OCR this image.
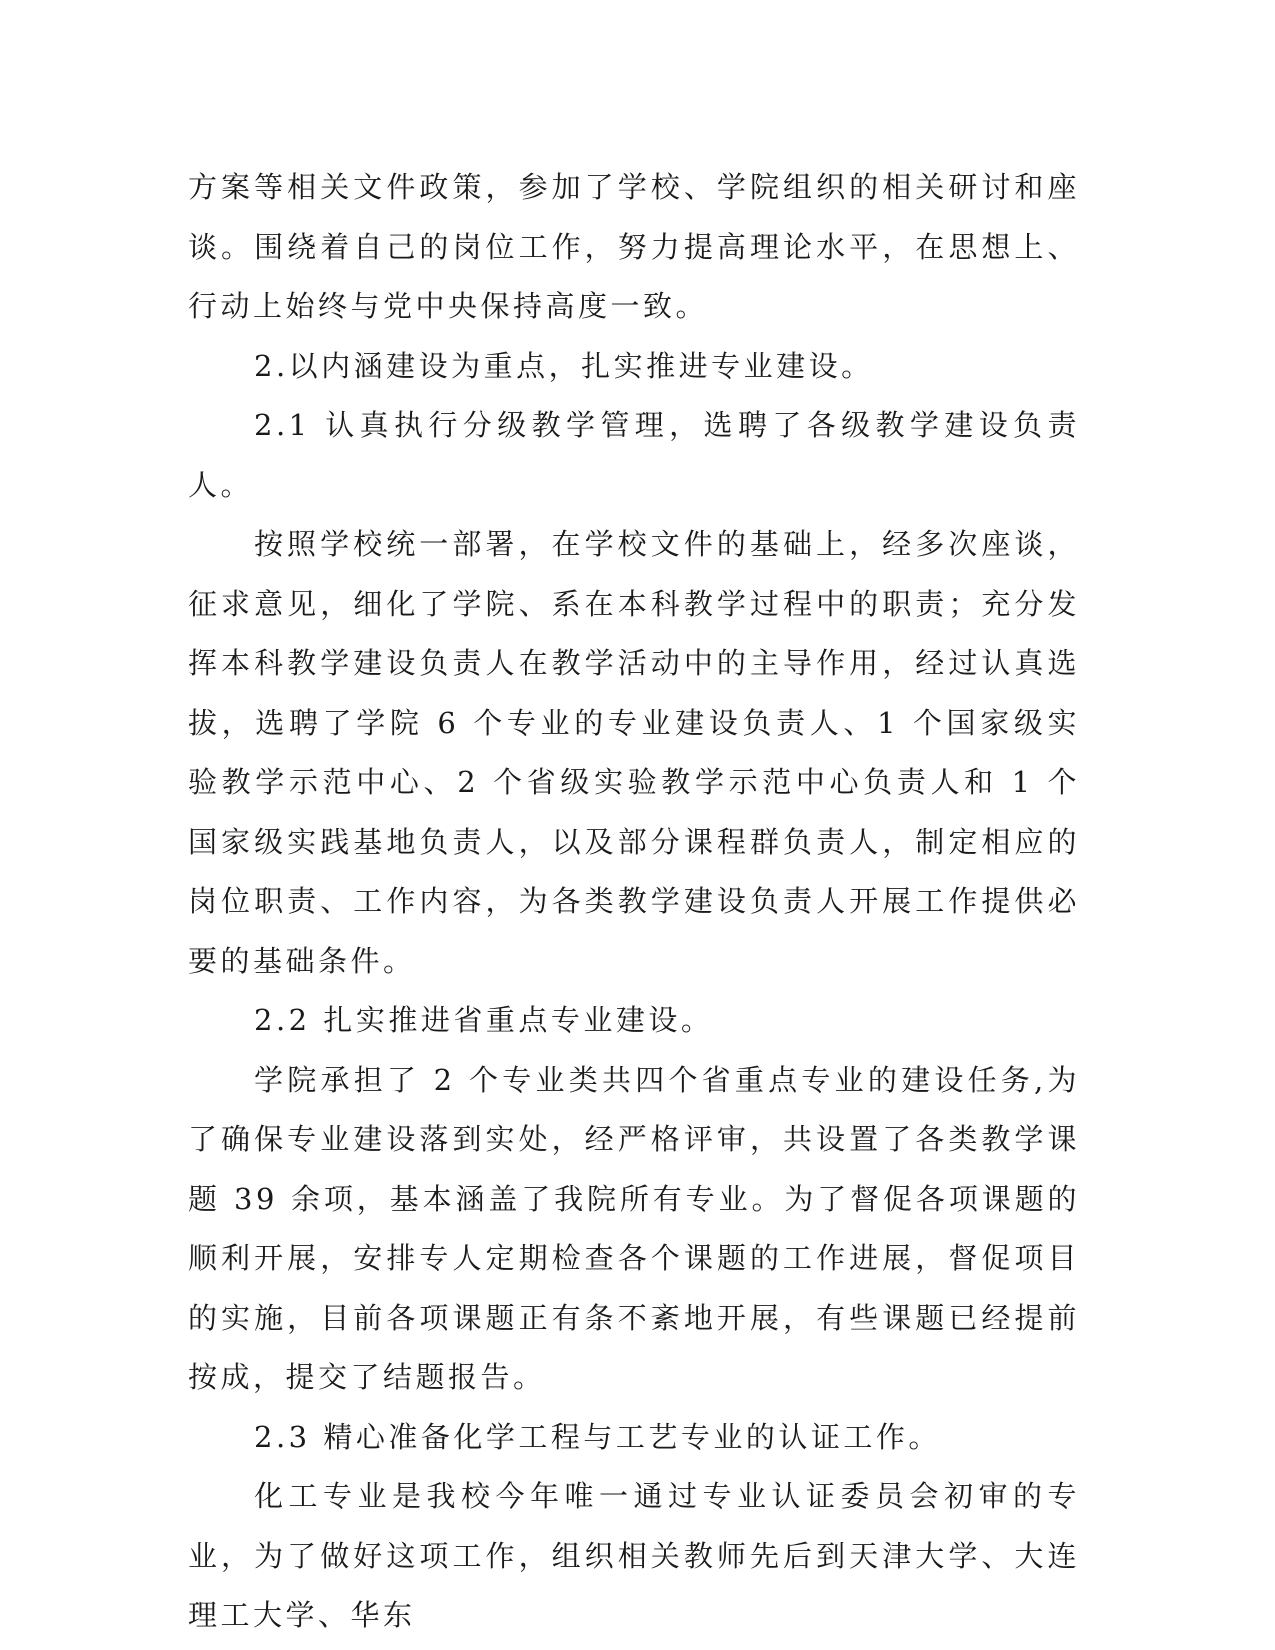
方案等相关文件政策，参加了学校、学院组织的相关研讨和座谈。围绕着自己的岗位工作，努力提高理论水平，在思想上、行动上始终与党中央保持高度一致。

2.以内涵建设为重点，扎实推进专业建设。

2.1 认真执行分级教学管理，选聘了各级教学建设负责人。

按照学校统一部署，在学校文件的基础上，经多次座谈，征求意见，细化了学院、系在本科教学过程中的职责；充分发挥本科教学建设负责人在教学活动中的主导作用，经过认真选拔，选聘了学院 6 个专业的专业建设负责人、1 个国家级实验教学示范中心、2 个省级实验教学示范中心负责人和 1 个国家级实践基地负责人，以及部分课程群负责人，制定相应的岗位职责、工作内容，为各类教学建设负责人开展工作提供必要的基础条件。

2.2 扎实推进省重点专业建设。

学院承担了 2 个专业类共四个省重点专业的建设任务,为了确保专业建设落到实处，经严格评审，共设置了各类教学课题 39 余项，基本涵盖了我院所有专业。为了督促各项课题的顺利开展，安排专人定期检查各个课题的工作进展，督促项目的实施，目前各项课题正有条不紊地开展，有些课题已经提前按成，提交了结题报告。

2.3 精心准备化学工程与工艺专业的认证工作。

化工专业是我校今年唯一通过专业认证委员会初审的专业，为了做好这项工作，组织相关教师先后到天津大学、大连理工大学、华东
